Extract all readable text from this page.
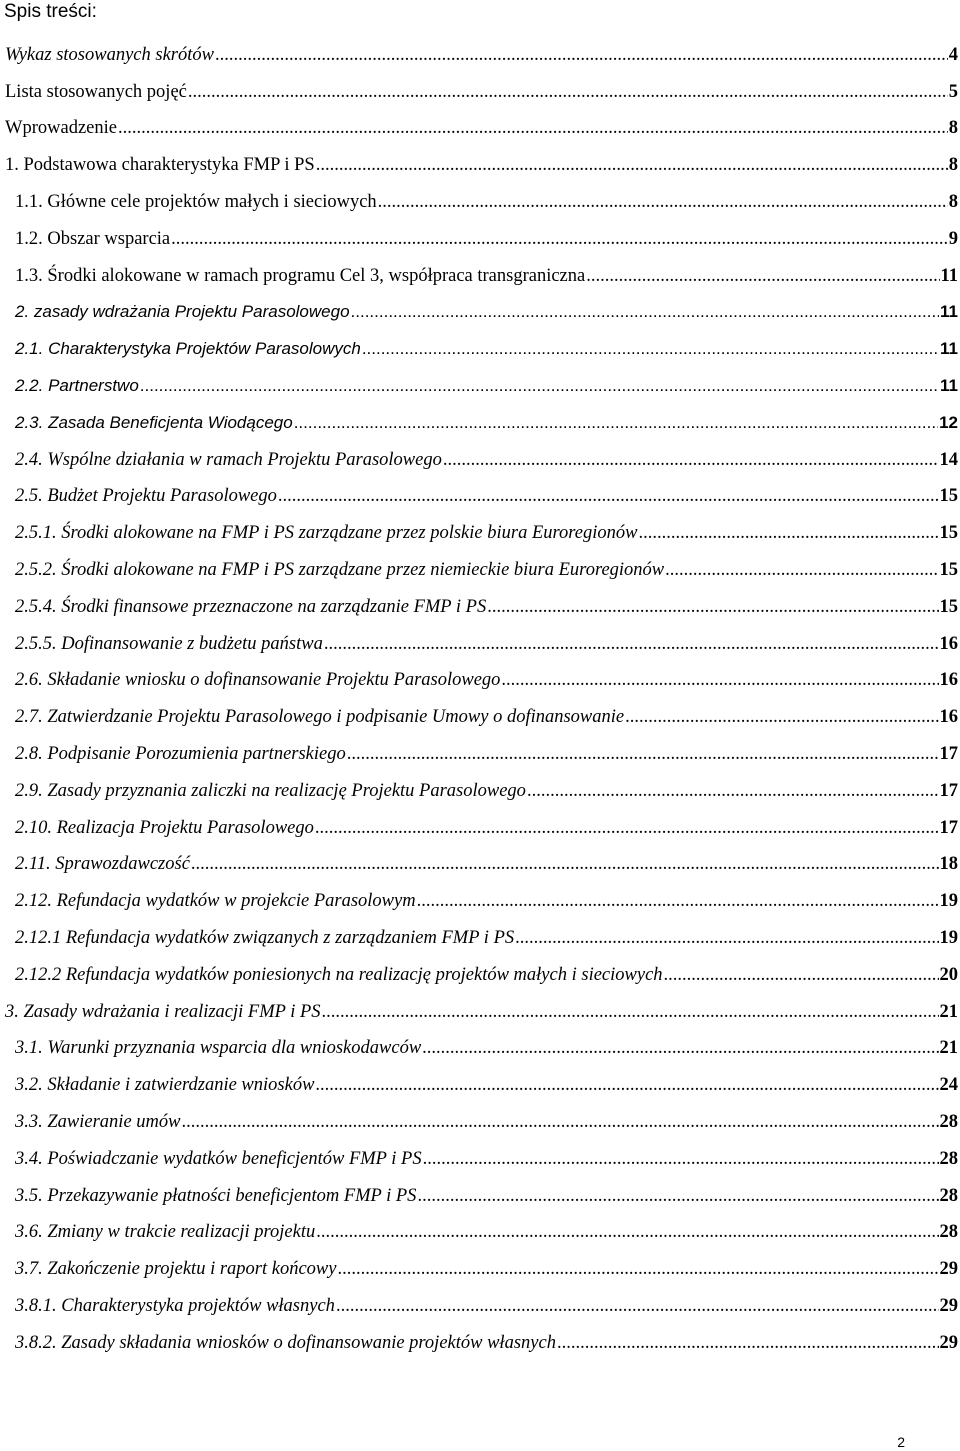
Spis treści:
Wykaz stosowanych skrótów .....	4
Lista stosowanych pojęć .....	5
Wprowadzenie .....	8
1. Podstawowa charakterystyka FMP i PS .....	8
1.1. Główne cele projektów małych i sieciowych .....	8
1.2. Obszar wsparcia .....	9
1.3. Środki alokowane w ramach programu Cel 3, współpraca transgraniczna .....	11
2. zasady wdrażania Projektu Parasolowego .....	11
2.1. Charakterystyka Projektów Parasolowych .....	11
2.2. Partnerstwo .....	11
2.3. Zasada Beneficjenta Wiodącego .....	12
2.4. Wspólne działania w ramach Projektu Parasolowego .....	14
2.5. Budżet Projektu Parasolowego .....	15
2.5.1. Środki alokowane na FMP i PS zarządzane przez polskie biura Euroregionów .....	15
2.5.2. Środki alokowane na FMP i PS zarządzane przez niemieckie biura Euroregionów .....	15
2.5.4. Środki finansowe przeznaczone na zarządzanie FMP i PS .....	15
2.5.5. Dofinansowanie z budżetu państwa .....	16
2.6. Składanie wniosku o dofinansowanie Projektu Parasolowego .....	16
2.7. Zatwierdzanie Projektu Parasolowego i podpisanie Umowy o dofinansowanie .....	16
2.8. Podpisanie Porozumienia partnerskiego .....	17
2.9. Zasady przyznania zaliczki na realizację Projektu Parasolowego .....	17
2.10. Realizacja Projektu Parasolowego .....	17
2.11. Sprawozdawczość .....	18
2.12. Refundacja wydatków w projekcie Parasolowym .....	19
2.12.1 Refundacja wydatków związanych z zarządzaniem FMP i PS .....	19
2.12.2 Refundacja wydatków poniesionych na realizację projektów małych i sieciowych .....	20
3. Zasady wdrażania i realizacji FMP i PS .....	21
3.1. Warunki przyznania wsparcia dla wnioskodawców .....	21
3.2. Składanie i zatwierdzanie wniosków .....	24
3.3. Zawieranie umów .....	28
3.4. Poświadczanie wydatków beneficjentów FMP i PS .....	28
3.5. Przekazywanie płatności beneficjentom FMP i PS .....	28
3.6. Zmiany w trakcie realizacji projektu .....	28
3.7. Zakończenie projektu i raport końcowy .....	29
3.8.1. Charakterystyka projektów własnych .....	29
3.8.2. Zasady składania wniosków o dofinansowanie projektów własnych .....	29
2
